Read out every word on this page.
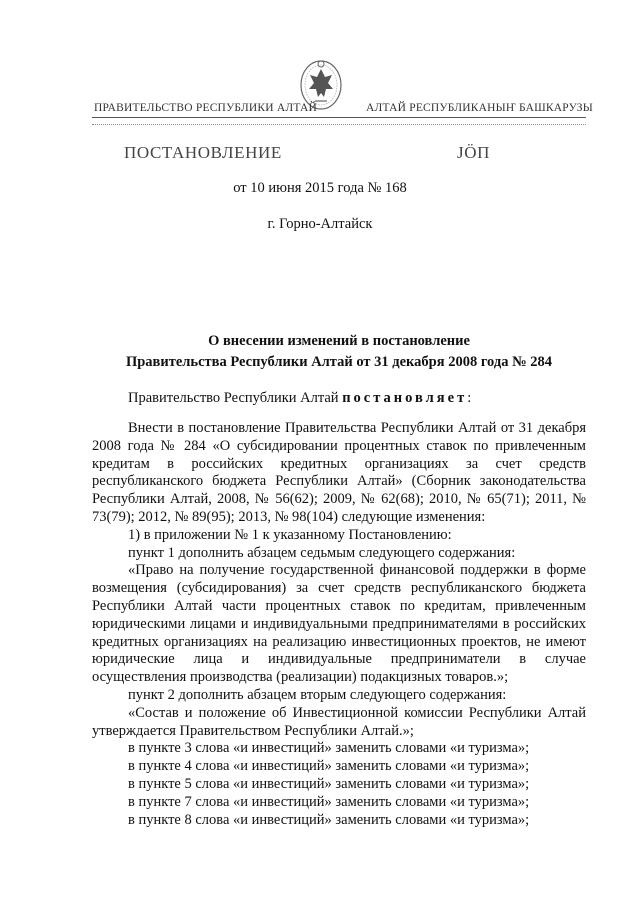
ПРАВИТЕЛЬСТВО РЕСПУБЛИКИ АЛТАЙ	АЛТАЙ РЕСПУБЛИКАНЫҤ БАШКАРУЗЫ
ПОСТАНОВЛЕНИЕ	ЈӦП
от 10 июня 2015 года № 168
г. Горно-Алтайск
О внесении изменений в постановление
Правительства Республики Алтай от 31 декабря 2008 года № 284
Правительство Республики Алтай постановляет:

Внести в постановление Правительства Республики Алтай от 31 декабря 2008 года № 284 «О субсидировании процентных ставок по привлеченным кредитам в российских кредитных организациях за счет средств республиканского бюджета Республики Алтай» (Сборник законодательства Республики Алтай, 2008, № 56(62); 2009, № 62(68); 2010, № 65(71); 2011, № 73(79); 2012, № 89(95); 2013, № 98(104) следующие изменения:

1) в приложении № 1 к указанному Постановлению:

пункт 1 дополнить абзацем седьмым следующего содержания:

«Право на получение государственной финансовой поддержки в форме возмещения (субсидирования) за счет средств республиканского бюджета Республики Алтай части процентных ставок по кредитам, привлеченным юридическими лицами и индивидуальными предпринимателями в российских кредитных организациях на реализацию инвестиционных проектов, не имеют юридические лица и индивидуальные предприниматели в случае осуществления производства (реализации) подакцизных товаров.»;

пункт 2 дополнить абзацем вторым следующего содержания:

«Состав и положение об Инвестиционной комиссии Республики Алтай утверждается Правительством Республики Алтай.»;

в пункте 3 слова «и инвестиций» заменить словами «и туризма»;

в пункте 4 слова «и инвестиций» заменить словами «и туризма»;

в пункте 5 слова «и инвестиций» заменить словами «и туризма»;

в пункте 7 слова «и инвестиций» заменить словами «и туризма»;

в пункте 8 слова «и инвестиций» заменить словами «и туризма»;
